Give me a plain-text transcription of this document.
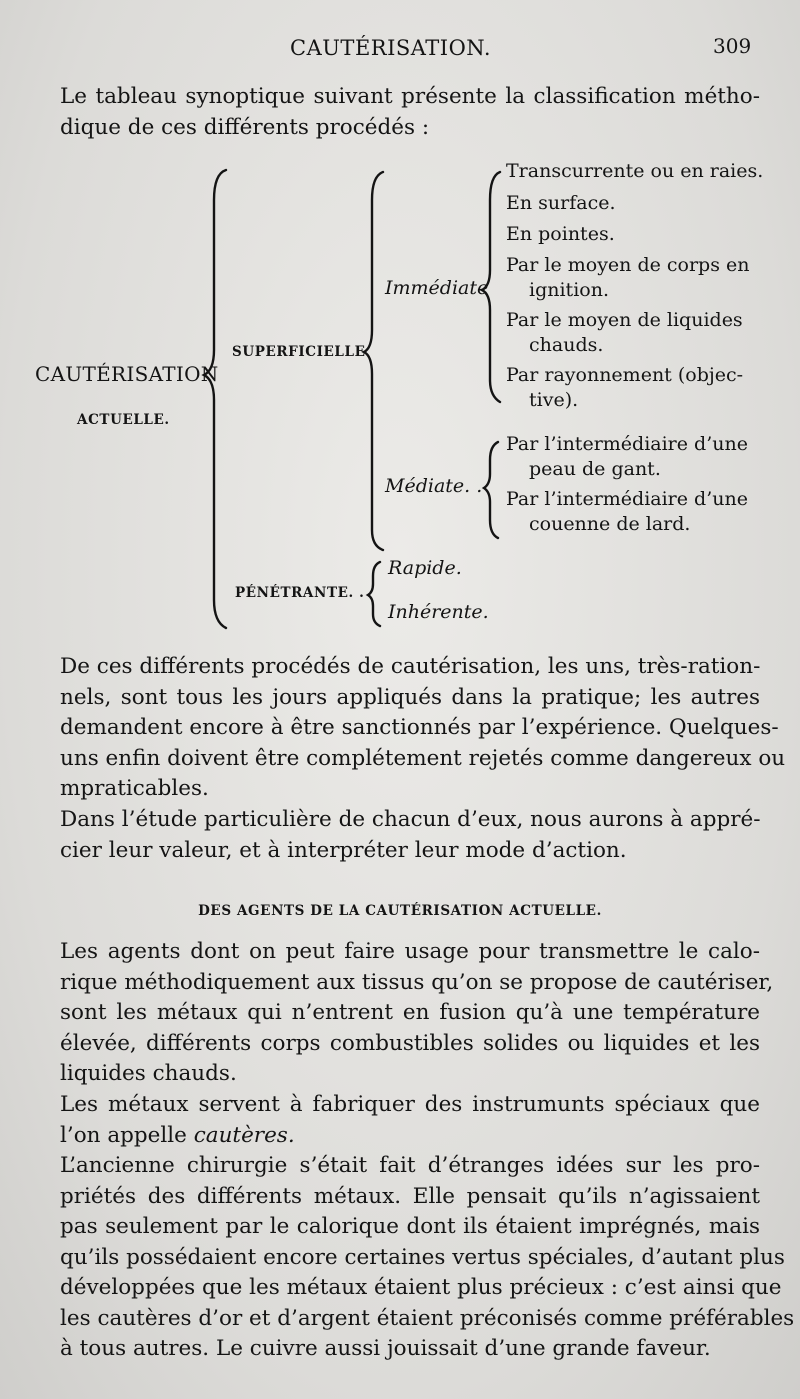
CAUTÉRISATION.	309

Le tableau synoptique suivant présente la classification métho-
dique de ces différents procédés :

CAUTÉRISATION
ACTUELLE.
SUPERFICIELLE
PÉNÉTRANTE. .
Immédiate
Médiate. .
Rapide.
Inhérente.
Transcurrente ou en raies.
En surface.
En pointes.
Par le moyen de corps en
ignition.
Par le moyen de liquides
chauds.
Par rayonnement (objec-
tive).
Par l’intermédiaire d’une
peau de gant.
Par l’intermédiaire d’une
couenne de lard.

De ces différents procédés de cautérisation, les uns, très-ration-
nels, sont tous les jours appliqués dans la pratique; les autres
demandent encore à être sanctionnés par l’expérience. Quelques-
uns enfin doivent être complétement rejetés comme dangereux ou
mpraticables.

Dans l’étude particulière de chacun d’eux, nous aurons à appré-
cier leur valeur, et à interpréter leur mode d’action.

DES AGENTS DE LA CAUTÉRISATION ACTUELLE.

Les agents dont on peut faire usage pour transmettre le calo-
rique méthodiquement aux tissus qu’on se propose de cautériser,
sont les métaux qui n’entrent en fusion qu’à une température
élevée, différents corps combustibles solides ou liquides et les
liquides chauds.

Les métaux servent à fabriquer des instrumunts spéciaux que
l’on appelle cautères.

L’ancienne chirurgie s’était fait d’étranges idées sur les pro-
priétés des différents métaux. Elle pensait qu’ils n’agissaient
pas seulement par le calorique dont ils étaient imprégnés, mais
qu’ils possédaient encore certaines vertus spéciales, d’autant plus
développées que les métaux étaient plus précieux : c’est ainsi que
les cautères d’or et d’argent étaient préconisés comme préférables
à tous autres. Le cuivre aussi jouissait d’une grande faveur.
